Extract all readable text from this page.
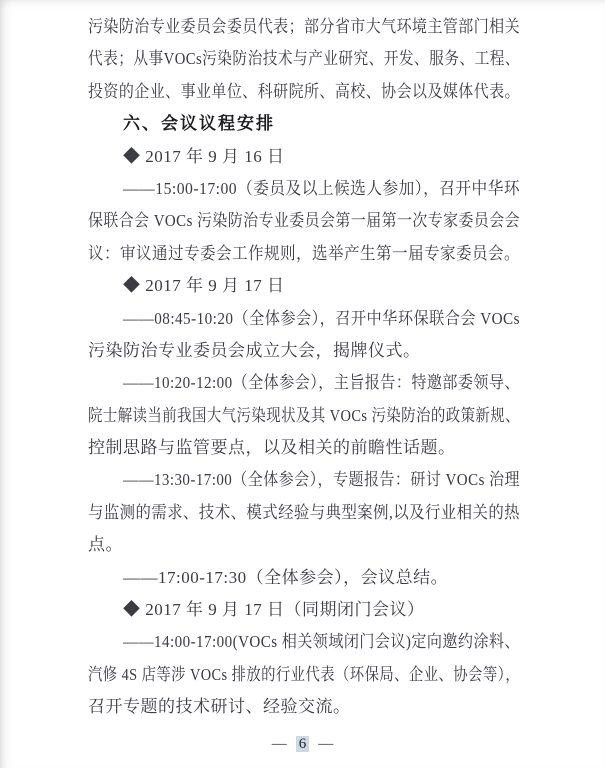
污染防治专业委员会委员代表；部分省市大气环境主管部门相关
代表；从事VOCs污染防治技术与产业研究、开发、服务、工程、
投资的企业、事业单位、科研院所、高校、协会以及媒体代表。
六、会议议程安排
◆ 2017 年 9 月 16 日
——15:00-17:00（委员及以上候选人参加），召开中华环
保联合会 VOCs 污染防治专业委员会第一届第一次专家委员会会
议：审议通过专委会工作规则，选举产生第一届专家委员会。
◆ 2017 年 9 月 17 日
——08:45-10:20（全体参会），召开中华环保联合会 VOCs
污染防治专业委员会成立大会，揭牌仪式。
——10:20-12:00（全体参会），主旨报告：特邀部委领导、
院士解读当前我国大气污染现状及其 VOCs 污染防治的政策新规、
控制思路与监管要点，以及相关的前瞻性话题。
——13:30-17:00（全体参会），专题报告：研讨 VOCs 治理
与监测的需求、技术、模式经验与典型案例,以及行业相关的热
点。
——17:00-17:30（全体参会），会议总结。
◆ 2017 年 9 月 17 日（同期闭门会议）
——14:00-17:00(VOCs 相关领域闭门会议)定向邀约涂料、
汽修 4S 店等涉 VOCs 排放的行业代表（环保局、企业、协会等），
召开专题的技术研讨、经验交流。
— 6 —
